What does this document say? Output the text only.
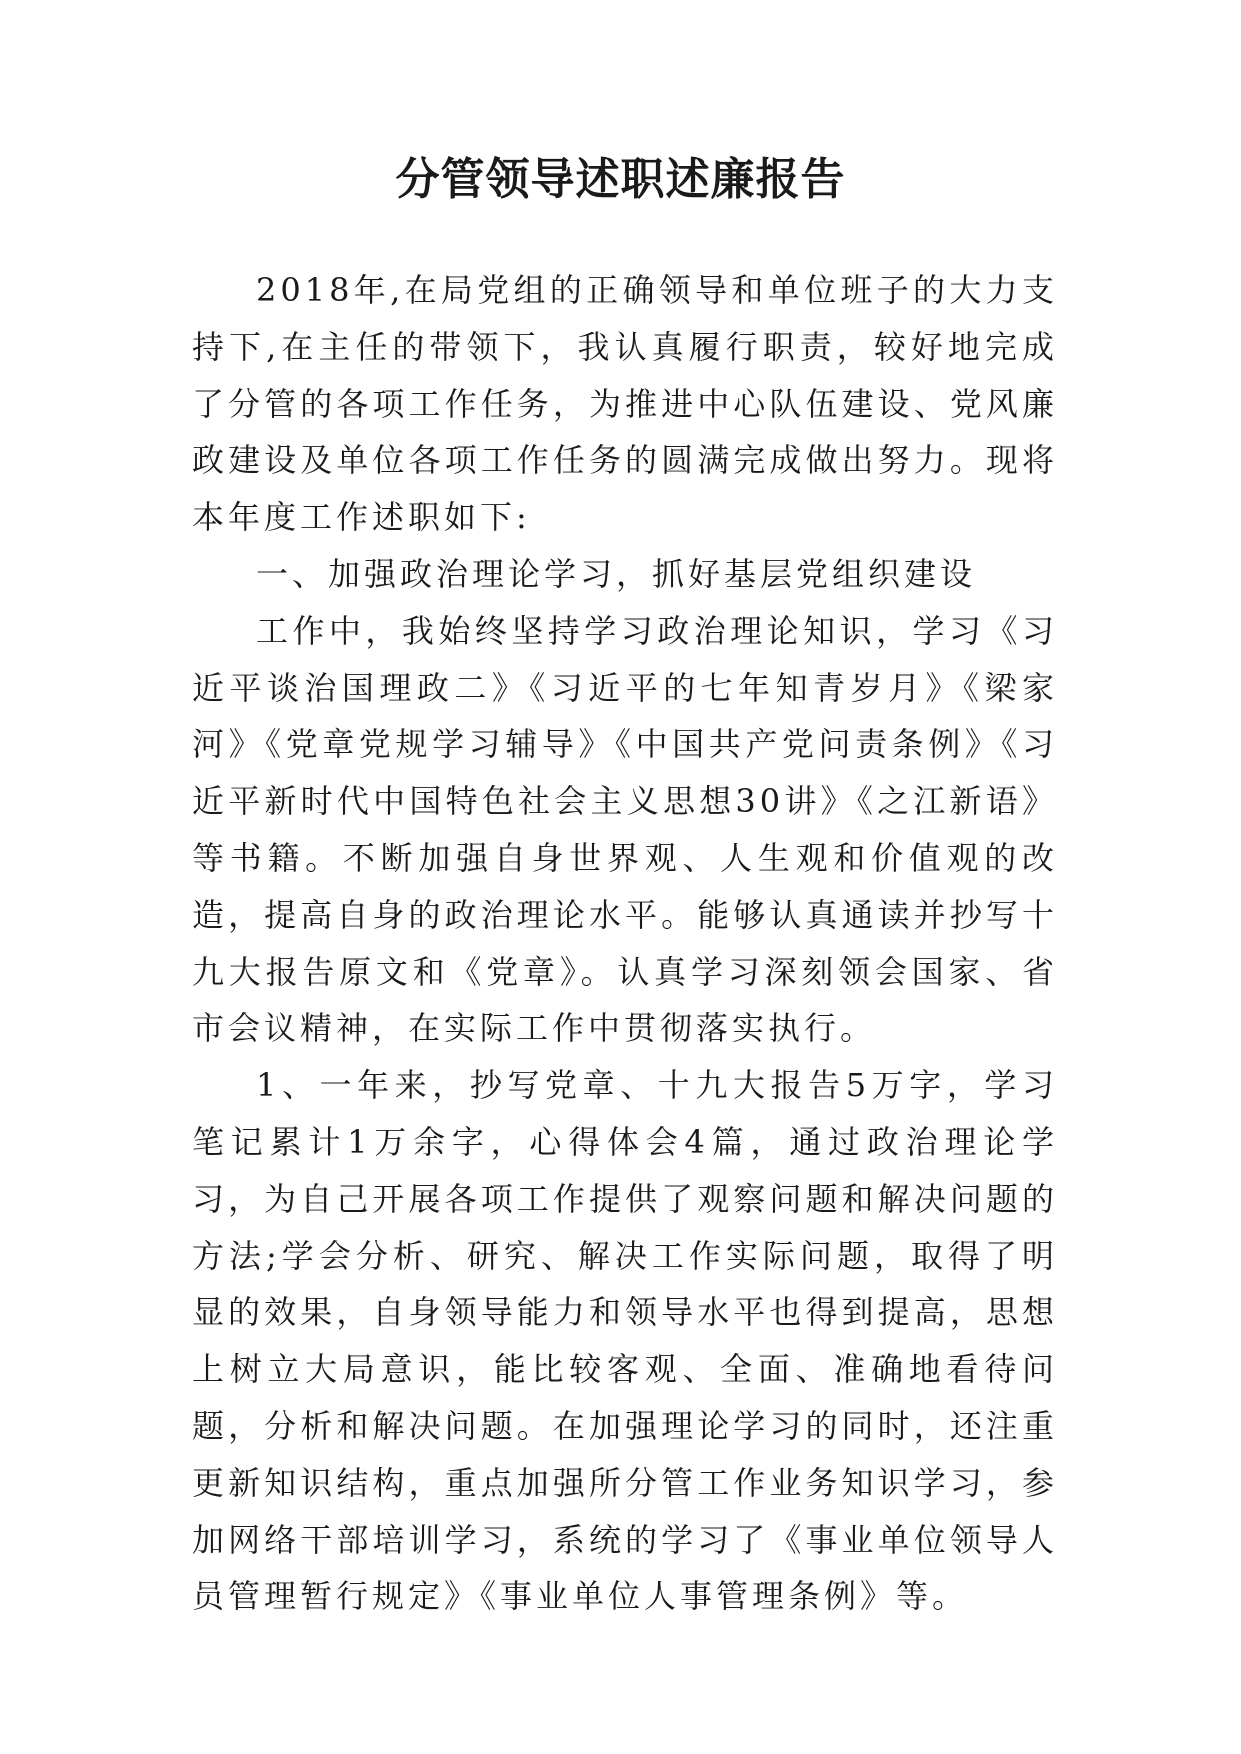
分管领导述职述廉报告

2018年,在局党组的正确领导和单位班子的大力支持下,在主任的带领下，我认真履行职责，较好地完成了分管的各项工作任务，为推进中心队伍建设、党风廉政建设及单位各项工作任务的圆满完成做出努力。现将本年度工作述职如下:

一、加强政治理论学习，抓好基层党组织建设

工作中，我始终坚持学习政治理论知识，学习《习近平谈治国理政二》《习近平的七年知青岁月》《梁家河》《党章党规学习辅导》《中国共产党问责条例》《习近平新时代中国特色社会主义思想30讲》《之江新语》等书籍。不断加强自身世界观、人生观和价值观的改造，提高自身的政治理论水平。能够认真通读并抄写十九大报告原文和《党章》。认真学习深刻领会国家、省市会议精神，在实际工作中贯彻落实执行。

1、一年来，抄写党章、十九大报告5万字，学习笔记累计1万余字，心得体会4篇，通过政治理论学习，为自己开展各项工作提供了观察问题和解决问题的方法;学会分析、研究、解决工作实际问题，取得了明显的效果，自身领导能力和领导水平也得到提高，思想上树立大局意识，能比较客观、全面、准确地看待问题，分析和解决问题。在加强理论学习的同时，还注重更新知识结构，重点加强所分管工作业务知识学习，参加网络干部培训学习，系统的学习了《事业单位领导人员管理暂行规定》《事业单位人事管理条例》等。
